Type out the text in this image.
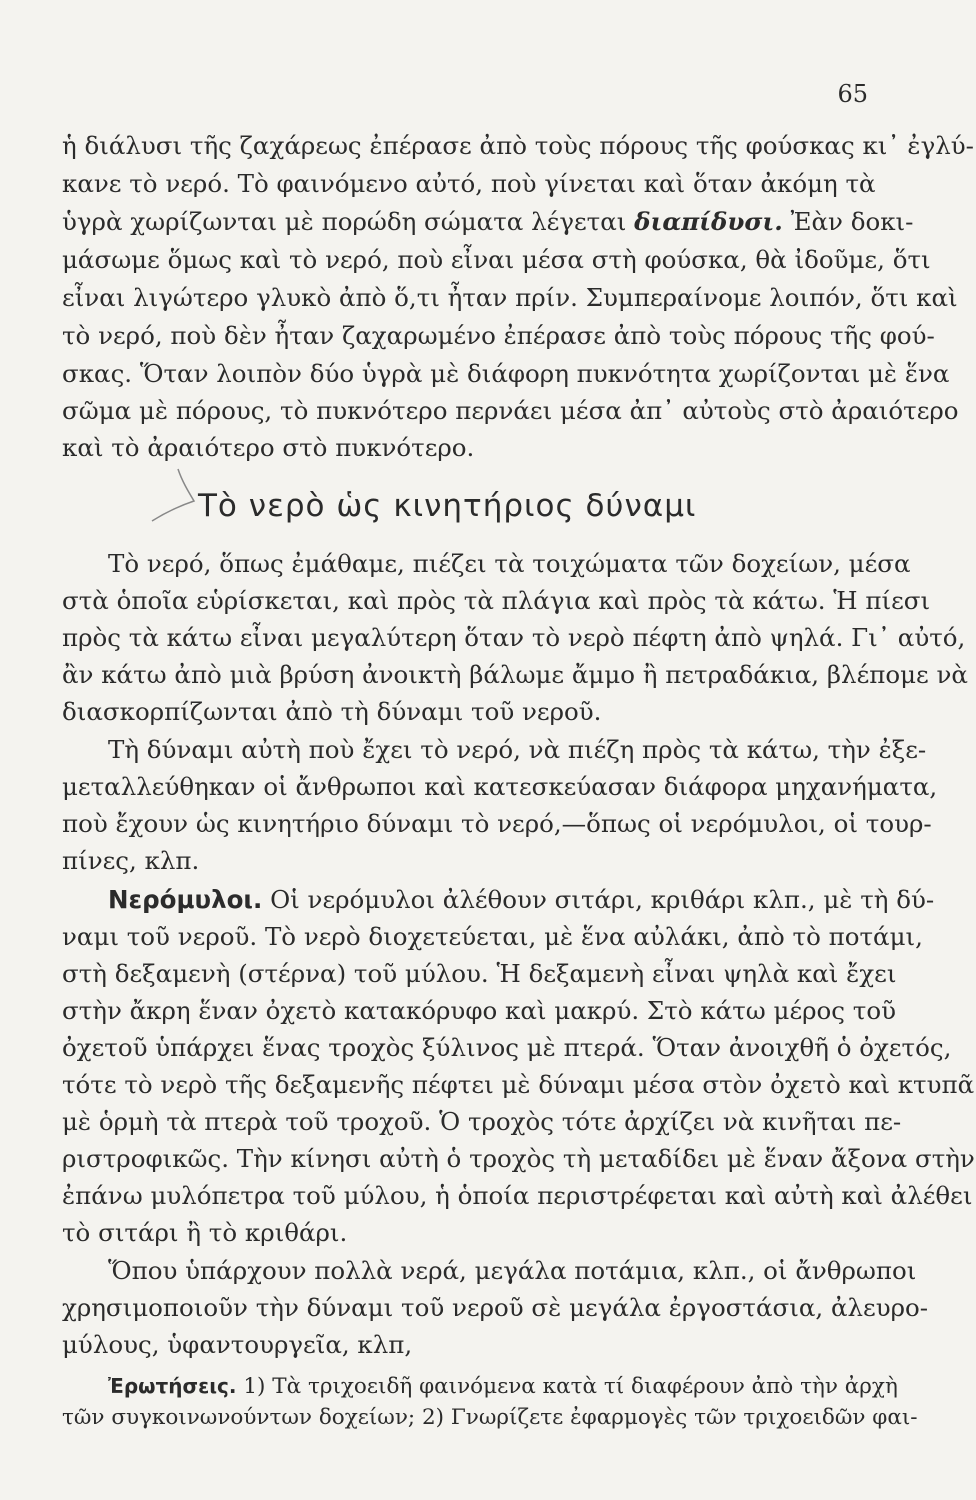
65
ἡ διάλυσι τῆς ζαχάρεως ἐπέρασε ἀπὸ τοὺς πόρους τῆς φούσκας κι᾿ ἐγλύ-
κανε τὸ νερό. Τὸ φαινόμενο αὐτό, ποὺ γίνεται καὶ ὅταν ἀκόμη τὰ
ὑγρὰ χωρίζωνται μὲ πορώδη σώματα λέγεται διαπίδυσι. Ἐὰν δοκι-
μάσωμε ὅμως καὶ τὸ νερό, ποὺ εἶναι μέσα στὴ φούσκα, θὰ ἰδοῦμε, ὅτι
εἶναι λιγώτερο γλυκὸ ἀπὸ ὅ,τι ἦταν πρίν. Συμπεραίνομε λοιπόν, ὅτι καὶ
τὸ νερό, ποὺ δὲν ἦταν ζαχαρωμένο ἐπέρασε ἀπὸ τοὺς πόρους τῆς φού-
σκας. Ὅταν λοιπὸν δύο ὑγρὰ μὲ διάφορη πυκνότητα χωρίζονται μὲ ἕνα
σῶμα μὲ πόρους, τὸ πυκνότερο περνάει μέσα ἀπ᾿ αὐτοὺς στὸ ἀραιότερο
καὶ τὸ ἀραιότερο στὸ πυκνότερο.
Τὸ νερὸ ὡς κινητήριος δύναμι
Τὸ νερό, ὅπως ἐμάθαμε, πιέζει τὰ τοιχώματα τῶν δοχείων, μέσα
στὰ ὁποῖα εὑρίσκεται, καὶ πρὸς τὰ πλάγια καὶ πρὸς τὰ κάτω. Ἡ πίεσι
πρὸς τὰ κάτω εἶναι μεγαλύτερη ὅταν τὸ νερὸ πέφτη ἀπὸ ψηλά. Γι᾿ αὐτό,
ἂν κάτω ἀπὸ μιὰ βρύση ἀνοικτὴ βάλωμε ἄμμο ἢ πετραδάκια, βλέπομε νὰ
διασκορπίζωνται ἀπὸ τὴ δύναμι τοῦ νεροῦ.
Τὴ δύναμι αὐτὴ ποὺ ἔχει τὸ νερό, νὰ πιέζη πρὸς τὰ κάτω, τὴν ἐξε-
μεταλλεύθηκαν οἱ ἄνθρωποι καὶ κατεσκεύασαν διάφορα μηχανήματα,
ποὺ ἔχουν ὡς κινητήριο δύναμι τὸ νερό,—ὅπως οἱ νερόμυλοι, οἱ τουρ-
πίνες, κλπ.
Νερόμυλοι. Οἱ νερόμυλοι ἀλέθουν σιτάρι, κριθάρι κλπ., μὲ τὴ δύ-
ναμι τοῦ νεροῦ. Τὸ νερὸ διοχετεύεται, μὲ ἕνα αὐλάκι, ἀπὸ τὸ ποτάμι,
στὴ δεξαμενὴ (στέρνα) τοῦ μύλου. Ἡ δεξαμενὴ εἶναι ψηλὰ καὶ ἔχει
στὴν ἄκρη ἕναν ὀχετὸ κατακόρυφο καὶ μακρύ. Στὸ κάτω μέρος τοῦ
ὀχετοῦ ὑπάρχει ἕνας τροχὸς ξύλινος μὲ πτερά. Ὅταν ἀνοιχθῆ ὁ ὀχετός,
τότε τὸ νερὸ τῆς δεξαμενῆς πέφτει μὲ δύναμι μέσα στὸν ὀχετὸ καὶ κτυπᾶ
μὲ ὁρμὴ τὰ πτερὰ τοῦ τροχοῦ. Ὁ τροχὸς τότε ἀρχίζει νὰ κινῆται πε-
ριστροφικῶς. Τὴν κίνησι αὐτὴ ὁ τροχὸς τὴ μεταδίδει μὲ ἕναν ἄξονα στὴν
ἐπάνω μυλόπετρα τοῦ μύλου, ἡ ὁποία περιστρέφεται καὶ αὐτὴ καὶ ἀλέθει
τὸ σιτάρι ἢ τὸ κριθάρι.
Ὅπου ὑπάρχουν πολλὰ νερά, μεγάλα ποτάμια, κλπ., οἱ ἄνθρωποι
χρησιμοποιοῦν τὴν δύναμι τοῦ νεροῦ σὲ μεγάλα ἐργοστάσια, ἀλευρο-
μύλους, ὑφαντουργεῖα, κλπ,
Ἐρωτήσεις. 1) Τὰ τριχοειδῆ φαινόμενα κατὰ τί διαφέρουν ἀπὸ τὴν ἀρχὴ
τῶν συγκοινωνούντων δοχείων; 2) Γνωρίζετε ἐφαρμογὲς τῶν τριχοειδῶν φαι-
